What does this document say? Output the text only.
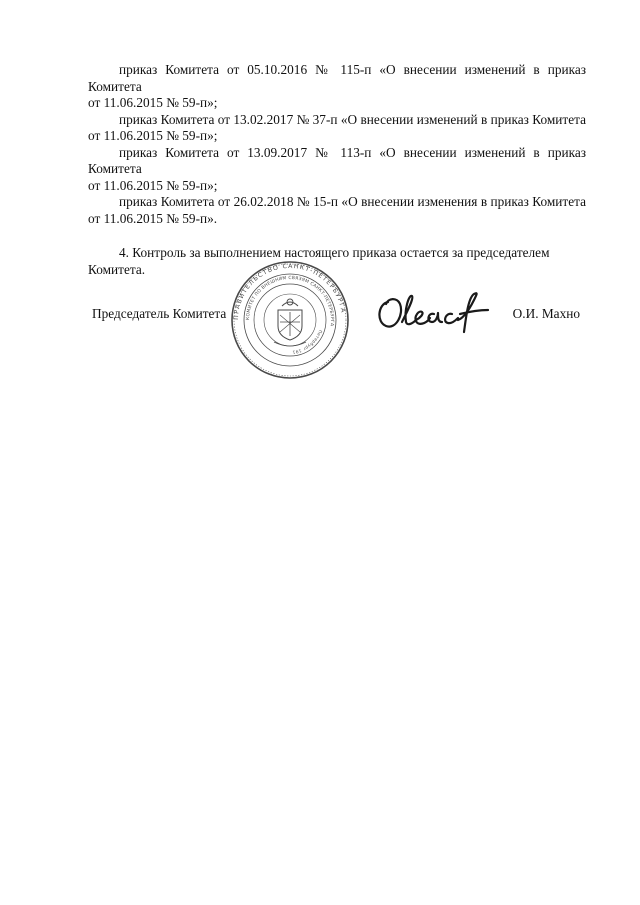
приказ Комитета от 05.10.2016 № 115-п «О внесении изменений в приказ Комитета
от 11.06.2015 № 59-п»;

приказ Комитета от 13.02.2017 № 37-п «О внесении изменений в приказ Комитета
от 11.06.2015 № 59-п»;

приказ Комитета от 13.09.2017 № 113-п «О внесении изменений в приказ Комитета
от 11.06.2015 № 59-п»;

приказ Комитета от 26.02.2018 № 15-п «О внесении изменения в приказ Комитета
от 11.06.2015 № 59-п».

4. Контроль за выполнением настоящего приказа остается за председателем Комитета.

Председатель Комитета ПРАВИТЕЛЬСТВО САНКТ-ПЕТЕРБУРГА
КОМИТЕТ ПО ВНЕШНИМ СВЯЗЯМ САНКТ-ПЕТЕРБУРГА
Петербург 191
О.И. Махно
